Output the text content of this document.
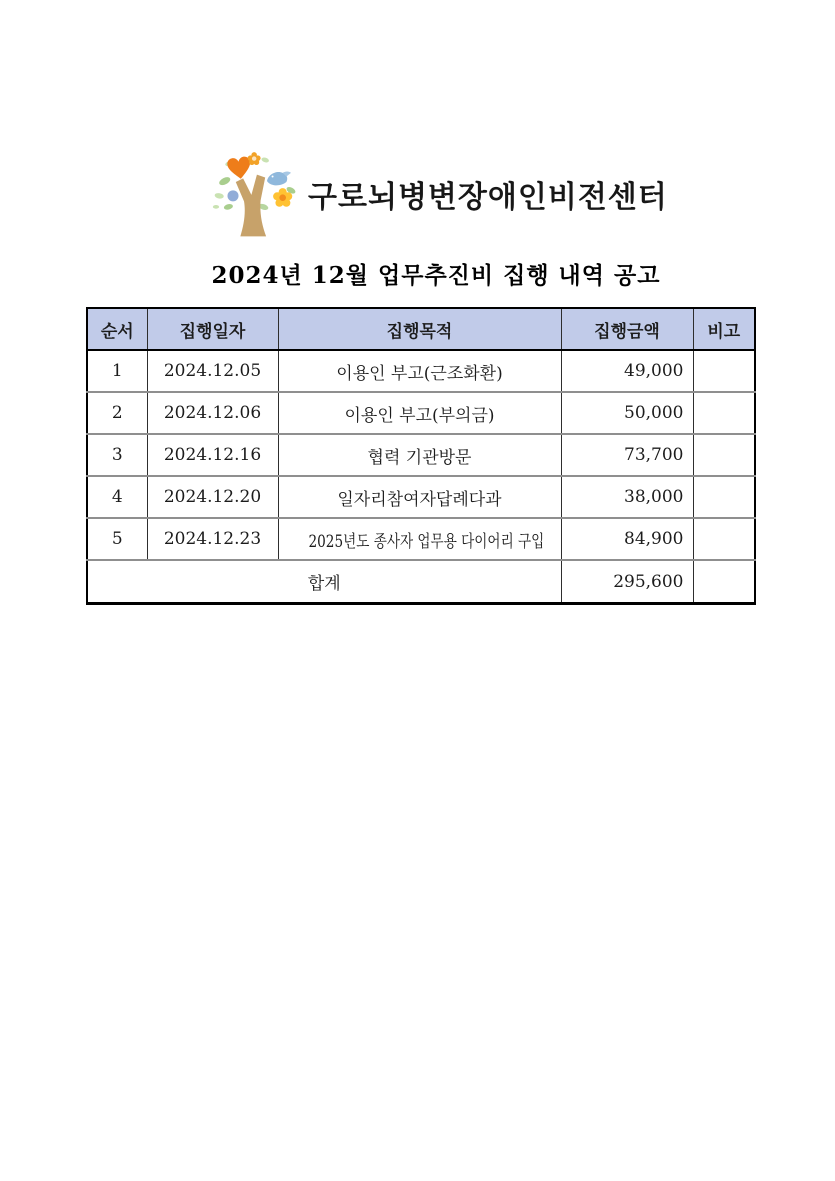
구로뇌병변장애인비전센터
2024년 12월 업무추진비 집행 내역 공고
순서	집행일자	집행목적	집행금액	비고
1	2024.12.05	이용인 부고(근조화환)	49,000	
2	2024.12.06	이용인 부고(부의금)	50,000	
3	2024.12.16	협력 기관방문	73,700	
4	2024.12.20	일자리참여자답례다과	38,000	
5	2024.12.23	2025년도 종사자 업무용 다이어리 구입	84,900	
합계			295,600	
